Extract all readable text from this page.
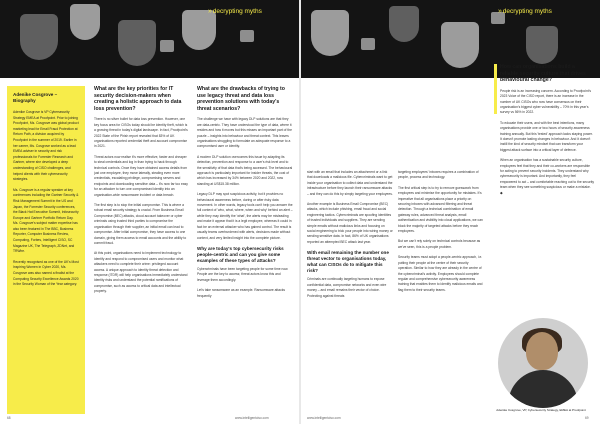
» decrypting myths	» decrypting myths
Adenike Cosgrove – Biography

Adenike Cosgrove is VP Cybersecurity Strategy EMEA at Proofpoint. Prior to joining Proofpoint, Ms. Cosgrove was global product marketing lead for Email Fraud Protection at Return Path, a division acquired by Proofpoint in the summer of 2019. Earlier in her career, Ms. Cosgrove worked as a lead EMEA adviser in security and risk professionals for Forrester Research and Gartner, where she developed a deep understanding of CISO challenges, and helped clients with their cybersecurity strategies.

Ms. Cosgrove is a regular speaker at key conferences including the Gartner Security & Risk Management Summit in the US and Japan, the Forrester Security conferences, the Black Hat Executive Summit, Infosecurity Europe and Gartner Portfolio Return Day. Ms. Cosgrove's subject matter expertise has also been featured in The BBC, Business Reporter, Computer Business Review, Computing, Forbes, Intelligent CISO, SC Magazine UK, The Telegraph, ZDNet, and TRWire.

Recently recognised as one of the UK's Most Inspiring Women in Cyber 2020, Ms. Cosgrove was also named a finalist at the Computing Security Excellence Awards 2020 in the Security Woman of the Year category.

What are the key priorities for IT security decision-makers when creating a holistic approach to data loss prevention?

There is no silver bullet for data loss prevention. However, one key focus area for CISOs today should be identity theft, which is a growing threat in today's digital landscape. In fact, Proofpoint's 2022 State of the Phish report revealed that 83% of UK organisations reported credential theft and account compromise in 2021.

Threat actors now realise it's more effective, faster and cheaper to steal credentials and log in than trying to hack through technical controls. Once they have obtained access details from just one employee, they move laterally, stealing even more credentials, escalating privilege, compromising servers and endpoints and downloading sensitive data – it's now far too easy for an attacker to turn one compromised identity into an organisation-wide ransomware incident or data breach.

The first step is to stop the initial compromise. This is where a robust email security strategy is crucial. From Business Email Compromise (BEC) attacks, cloud account takeover or cyber criminals using trusted third parties to compromise the organisation through their supplier, an initial email can lead to compromise. After initial compromise, they have access to one domain, giving them access to email accounts and the ability to commit fraud.

At this point, organisations need to implement technology to identify and respond to compromised users and monitor what attackers need to complete their crime: privileged account access. A unique approach to identity threat detection and response (ITDR) will help organisations immediately understand identity risks and understand the potential ramifications of compromise, such as access to critical data and intellectual property.

What are the drawbacks of trying to use legacy threat and data loss prevention solutions with today's threat scenarios?

The challenge we have with legacy DLP solutions are that they are data-centric. They have understood the type of data, where it resides and how it moves but this misses an important part of the puzzle – insights into behaviour and threat context. This leaves organisations struggling to formulate an adequate response to a compromised user or identity.

A modern DLP solution overcomes this issue by adapting its detection, prevention and response to a user's risk level and to the sensitivity of that data that's being accessed. The behavioural approach is particularly important for insider threats, the cost of which has increased by 34% between 2020 and 2022, now standing at US$15.38 million.

Legacy DLP may spot suspicious activity, but it provides no behavioural awareness before, during or after risky data movement. In other words, legacy tools can't help you answer the full context of 'who, what, where, when and why' behind an alert – while they may identify the 'what', the alerts may be misleading and make it appear that it is a legit employee, whereas it could in fact be an external attacker who has gained control. The result is usually teams overburdened with alerts, decisions made without context, and very limited insight into the complete picture.

Why are today's top cybersecurity risks people-centric and can you give some examples of these types of attacks?

Cybercriminals have been targeting people for some time now. People are the key to access; threat actors know this and leverage them accordingly.

Let's take ransomware as an example. Ransomware attacks frequently

start with an email that includes an attachment or a link that downloads a malicious file. Cybercriminals want to get inside your organisation to collect data and understand the infrastructure before they launch their ransomware attacks – and they can do this by simply targeting your employees.

Another example is Business Email Compromise (BEC) attacks, which include phishing, email fraud and social engineering tactics. Cybercriminals are spoofing identities of trusted individuals and suppliers. They are sending simple emails without malicious links and focusing on social engineering to trick your people into wiring money or sending sensitive data. In fact, 86% of UK organisations reported an attempted BEC attack last year.

With email remaining the number one threat vector to organisations today, what can CISOs do to mitigate this risk?

Criminals are continually targeting humans to expose confidential data, compromise networks and even wire money – and email remains their vector of choice. Protecting against threats

targeting employees' inboxes requires a combination of people, process and technology.

The first critical step is to try to remove guesswork from employees and minimise the opportunity for mistakes. It's imperative that all organisations place a priority on securing inboxes with advanced filtering and threat detection. Through a technical combination of email gateway rules, advanced threat analysis, email authentication and visibility into cloud applications, we can block the majority of targeted attacks before they reach employees.

But we can't rely solely on technical controls because as we've seen, this is a people problem.

Security teams must adopt a people-centric approach, i.e. putting their people at the centre of their security operation. Similar to how they are already in the centre of the cybercriminal's activity. Employees should complete regular and comprehensive cybersecurity awareness training that enables them to identify malicious emails and flag them to their security teams.

How can organisations build a reliable security culture that drives behavioural change?

People risk is an increasing concern. According to Proofpoint's 2023 Voice of the CISO report, there is an increase in the number of UK CISOs who now have consensus on their organisation's biggest cyber vulnerability – 70% in this year's survey vs 56% in 2022.

To educate their users, and with the best intentions, many organisations provide one or two hours of security awareness training annually. But this 'tested' approach lacks staying power. It doesn't promote lasting changes in behaviour. And it doesn't instill the kind of security mindset that can transform your biggest attack surface into a critical layer of defence.

When an organisation has a sustainable security culture, employees feel that they and their co-workers are responsible for acting to prevent security incidents. They understand why cybersecurity is important. And importantly, they feel empowered to act – and comfortable reaching out to the security team when they see something suspicious or make a mistake. ◆

Adenike Cosgrove, VP, Cybersecurity Strategy, EMEA at Proofpoint
68	www.intelligentciso.com	www.intelligentciso.com	69
